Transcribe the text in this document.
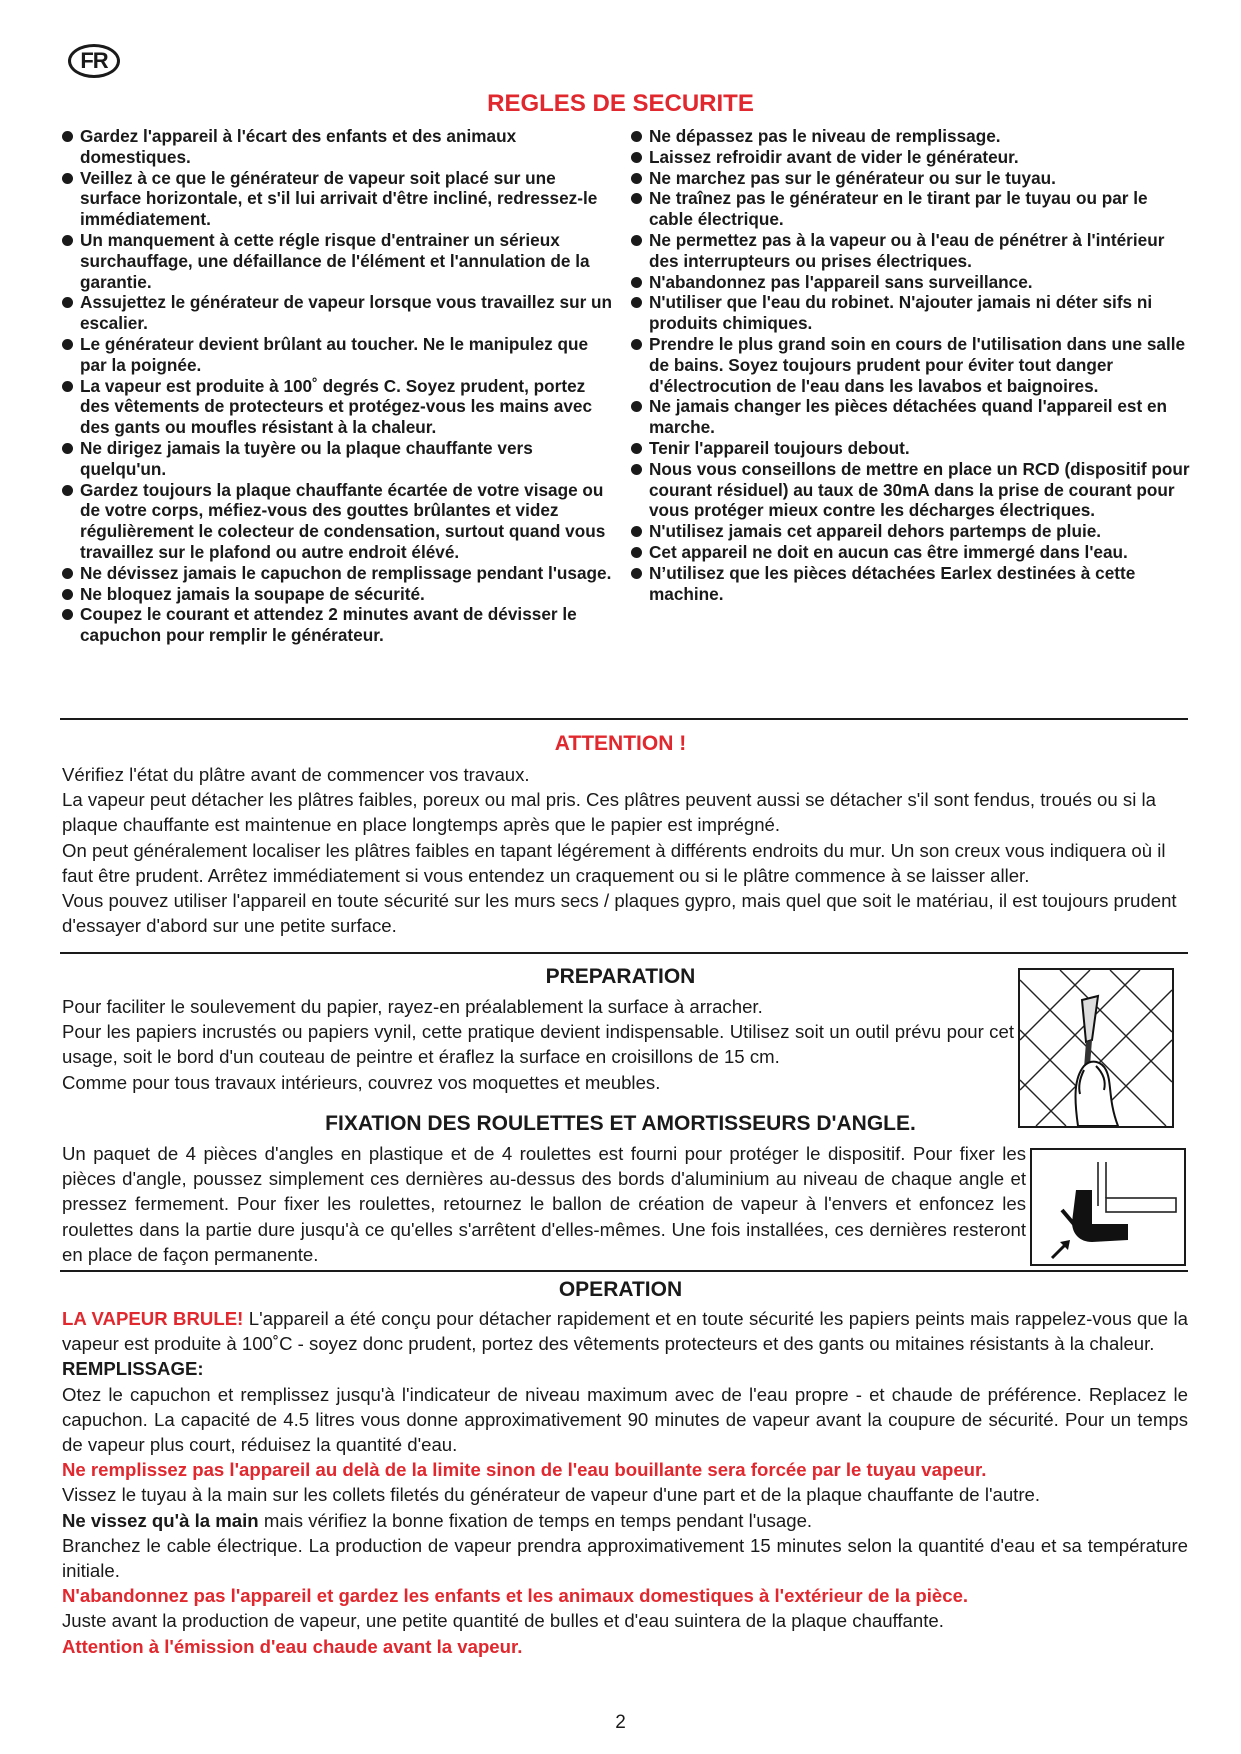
FR
REGLES DE SECURITE
Gardez l'appareil à l'écart des enfants et des animaux domestiques.
Veillez à ce que le générateur de vapeur soit placé sur une surface horizontale, et s'il lui arrivait d'être incliné, redressez-le immédiatement.
Un manquement à cette régle risque d'entrainer un sérieux surchauffage, une défaillance de l'élément et l'annulation de la garantie.
Assujettez le générateur de vapeur lorsque vous travaillez sur un escalier.
Le générateur devient brûlant au toucher. Ne le manipulez que par la poignée.
La vapeur est produite à 100˚ degrés C. Soyez prudent, portez des vêtements de protecteurs et protégez-vous les mains avec des gants ou moufles résistant à la chaleur.
Ne dirigez jamais la tuyère ou la plaque chauffante vers quelqu'un.
Gardez toujours la plaque chauffante écartée de votre visage ou de votre corps, méfiez-vous des gouttes brûlantes et videz régulièrement le colecteur de condensation, surtout quand vous travaillez sur le plafond ou autre endroit élévé.
Ne dévissez jamais le capuchon de remplissage pendant l'usage.
Ne bloquez jamais la soupape de sécurité.
Coupez le courant et attendez 2 minutes avant de dévisser le capuchon pour remplir le générateur.
Ne dépassez pas le niveau de remplissage.
Laissez refroidir avant de vider le générateur.
Ne marchez pas sur le générateur ou sur le tuyau.
Ne traînez pas le générateur en le tirant par le tuyau ou par le cable électrique.
Ne permettez pas à la vapeur ou à l'eau de pénétrer à l'intérieur des interrupteurs ou prises électriques.
N'abandonnez pas l'appareil sans surveillance.
N'utiliser que l'eau du robinet. N'ajouter jamais ni déter sifs ni produits chimiques.
Prendre le plus grand soin en cours de l'utilisation dans une salle de bains. Soyez toujours prudent pour éviter tout danger d'électrocution de l'eau dans les lavabos et baignoires.
Ne jamais changer les pièces détachées quand l'appareil est en marche.
Tenir l'appareil toujours debout.
Nous vous conseillons de mettre en place un RCD (dispositif pour courant résiduel) au taux de 30mA dans la prise de courant pour vous protéger mieux contre les décharges électriques.
N'utilisez jamais cet appareil dehors partemps de pluie.
Cet appareil ne doit en aucun cas être immergé dans l'eau.
N’utilisez que les pièces détachées Earlex destinées à cette machine.
ATTENTION !

Vérifiez l'état du plâtre avant de commencer vos travaux.

La vapeur peut détacher les plâtres faibles, poreux ou mal pris. Ces plâtres peuvent aussi se détacher s'il sont fendus, troués ou si la plaque chauffante est maintenue en place longtemps après que le papier est imprégné.

On peut généralement localiser les plâtres faibles en tapant légérement à différents endroits du mur. Un son creux vous indiquera où il faut être prudent. Arrêtez immédiatement si vous entendez un craquement ou si le plâtre commence à se laisser aller.

Vous pouvez utiliser l'appareil en toute sécurité sur les murs secs / plaques gypro, mais quel que soit le matériau, il est toujours prudent d'essayer d'abord sur une petite surface.

PREPARATION

Pour faciliter le soulevement du papier, rayez-en préalablement la surface à arracher.

Pour les papiers incrustés ou papiers vynil, cette pratique devient indispensable. Utilisez soit un outil prévu pour cet usage, soit le bord d'un couteau de peintre et éraflez la surface en croisillons de 15 cm.

Comme pour tous travaux intérieurs, couvrez vos moquettes et meubles.

FIXATION DES ROULETTES ET AMORTISSEURS D'ANGLE.

Un paquet de 4 pièces d'angles en plastique et de 4 roulettes est fourni pour protéger le dispositif. Pour fixer les pièces d'angle, poussez simplement ces dernières au-dessus des bords d'aluminium au niveau de chaque angle et pressez fermement. Pour fixer les roulettes, retournez le ballon de création de vapeur à l'envers et enfoncez les roulettes dans la partie dure jusqu'à ce qu'elles s'arrêtent d'elles-mêmes. Une fois installées, ces dernières resteront en place de façon permanente.

OPERATION

LA VAPEUR BRULE! L'appareil a été conçu pour détacher rapidement et en toute sécurité les papiers peints mais rappelez-vous que la vapeur est produite à 100˚C - soyez donc prudent, portez des vêtements protecteurs et des gants ou mitaines résistants à la chaleur.

REMPLISSAGE:

Otez le capuchon et remplissez jusqu'à l'indicateur de niveau maximum avec de l'eau propre - et chaude de préférence. Replacez le capuchon. La capacité de 4.5 litres vous donne approximativement 90 minutes de vapeur avant la coupure de sécurité. Pour un temps de vapeur plus court, réduisez la quantité d'eau.

Ne remplissez pas l'appareil au delà de la limite sinon de l'eau bouillante sera forcée par le tuyau vapeur.

Vissez le tuyau à la main sur les collets filetés du générateur de vapeur d'une part et de la plaque chauffante de l'autre.

Ne vissez qu'à la main mais vérifiez la bonne fixation de temps en temps pendant l'usage.

Branchez le cable électrique. La production de vapeur prendra approximativement 15 minutes selon la quantité d'eau et sa température initiale.

N'abandonnez pas l'appareil et gardez les enfants et les animaux domestiques à l'extérieur de la pièce.

Juste avant la production de vapeur, une petite quantité de bulles et d'eau suintera de la plaque chauffante.

Attention à l'émission d'eau chaude avant la vapeur.

2
